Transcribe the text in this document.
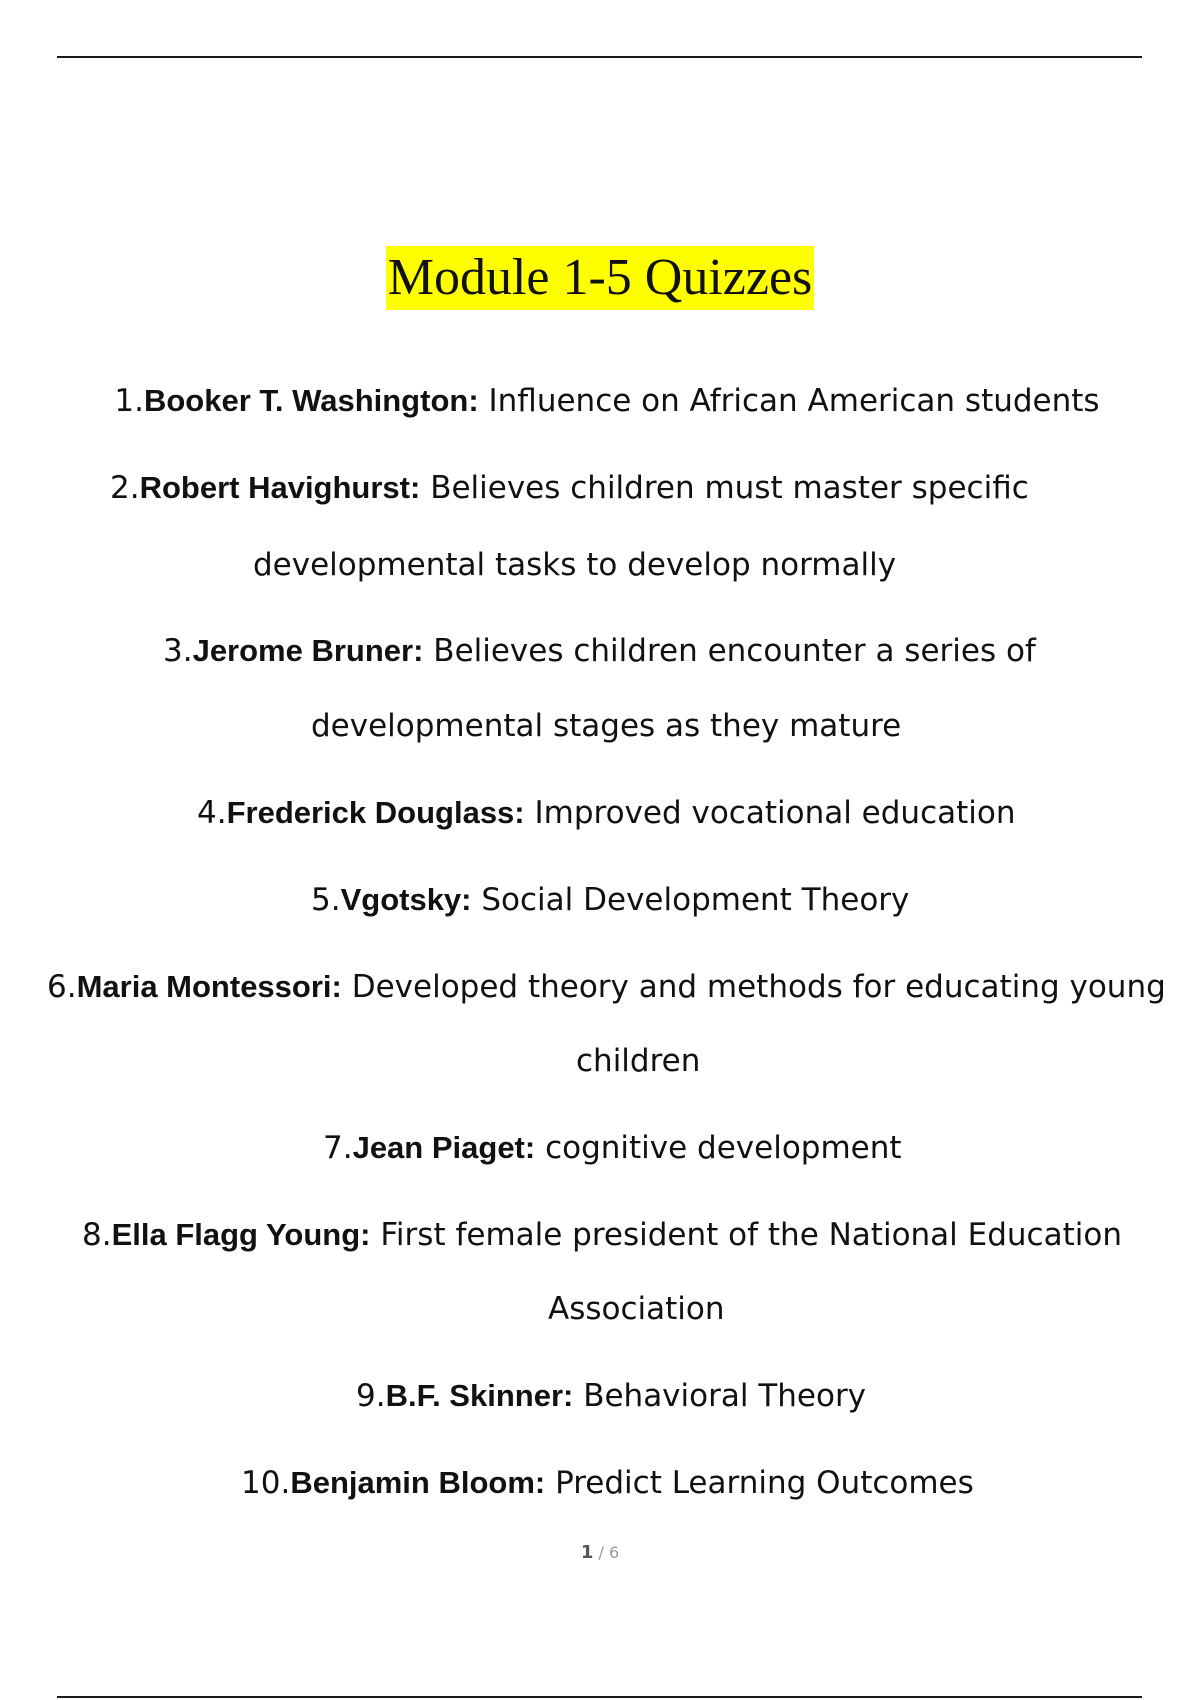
Module 1-5 Quizzes
1.Booker T. Washington: Influence on African American students
2.Robert Havighurst: Believes children must master specific
developmental tasks to develop normally
3.Jerome Bruner: Believes children encounter a series of
developmental stages as they mature
4.Frederick Douglass: Improved vocational education
5.Vgotsky: Social Development Theory
6.Maria Montessori: Developed theory and methods for educating young
children
7.Jean Piaget: cognitive development
8.Ella Flagg Young: First female president of the National Education
Association
9.B.F. Skinner: Behavioral Theory
10.Benjamin Bloom: Predict Learning Outcomes
1 / 6
